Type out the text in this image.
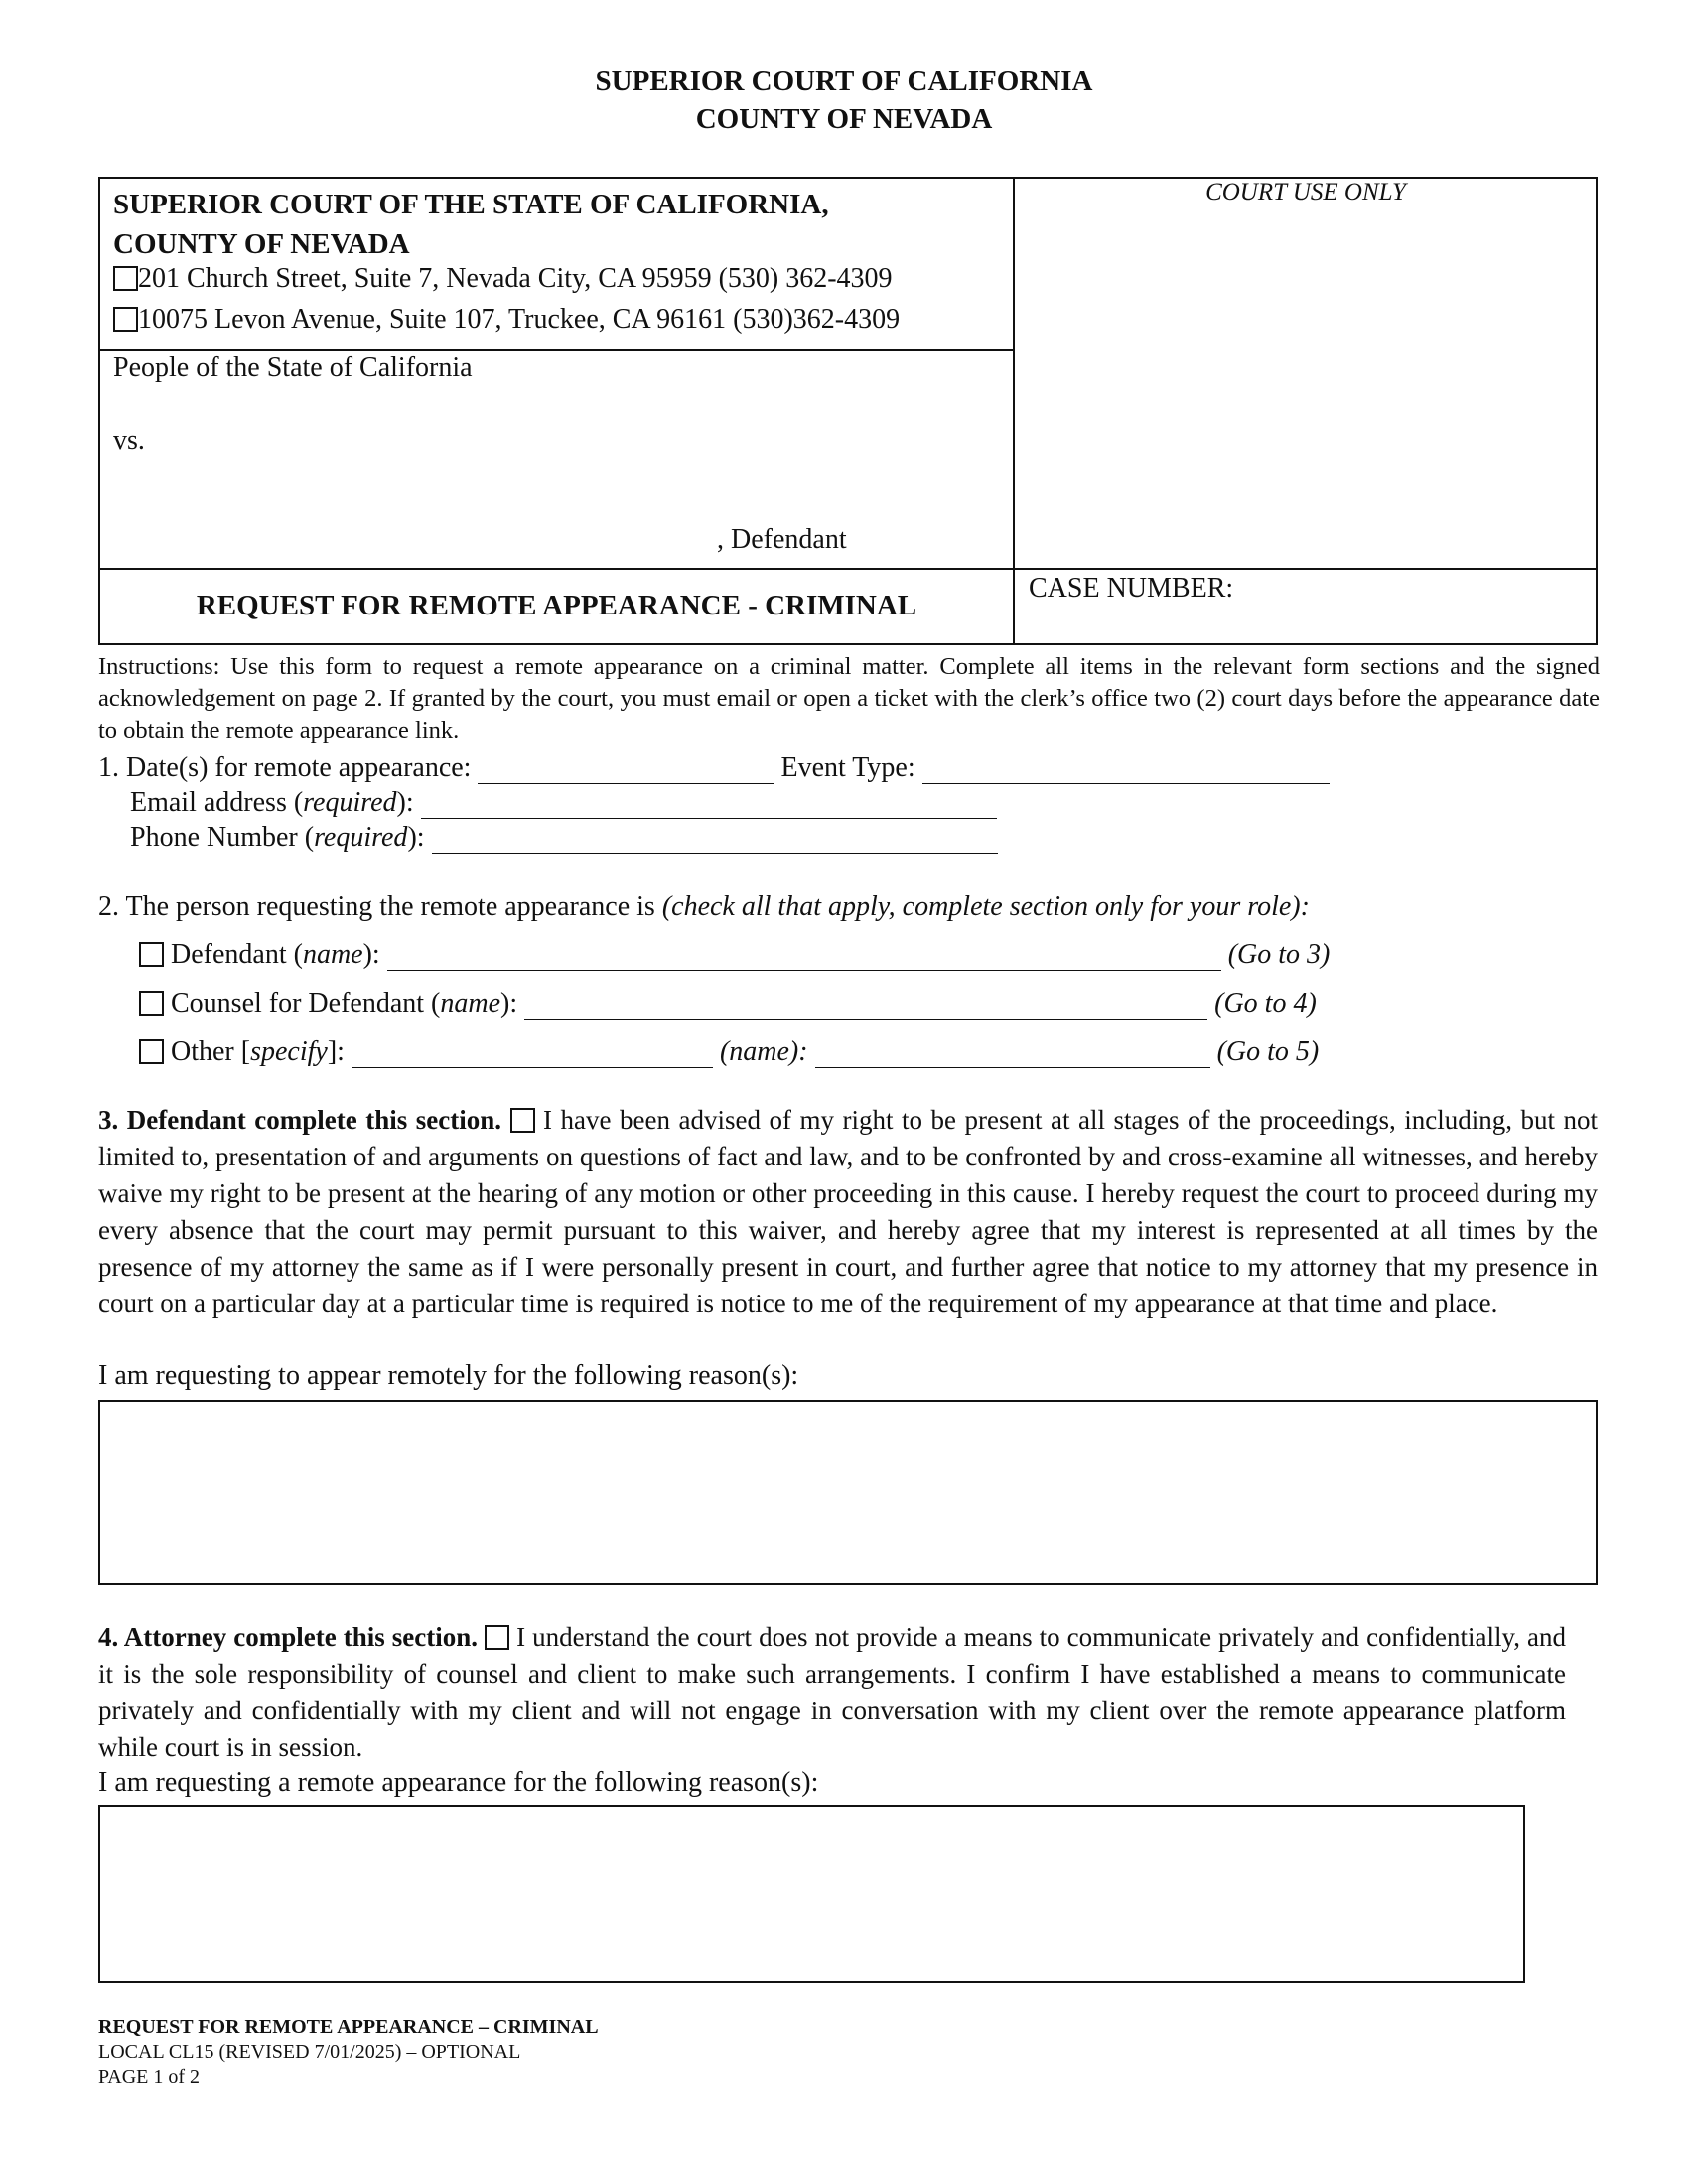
SUPERIOR COURT OF CALIFORNIA
COUNTY OF NEVADA
SUPERIOR COURT OF THE STATE OF CALIFORNIA,
COUNTY OF NEVADA
201 Church Street, Suite 7, Nevada City, CA 95959 (530) 362-4309
10075 Levon Avenue, Suite 107, Truckee, CA 96161 (530)362-4309
COURT USE ONLY
People of the State of California
vs.
, Defendant
REQUEST FOR REMOTE APPEARANCE - CRIMINAL
CASE NUMBER:
Instructions: Use this form to request a remote appearance on a criminal matter. Complete all items in the relevant form sections and the signed acknowledgement on page 2. If granted by the court, you must email or open a ticket with the clerk’s office two (2) court days before the appearance date to obtain the remote appearance link.
1. Date(s) for remote appearance:	Event Type:
Email address (required):
Phone Number (required):
2. The person requesting the remote appearance is (check all that apply, complete section only for your role):
Defendant (name):	(Go to 3)
Counsel for Defendant (name):	(Go to 4)
Other [specify]:	(name):	(Go to 5)
3. Defendant complete this section. I have been advised of my right to be present at all stages of the proceedings, including, but not limited to, presentation of and arguments on questions of fact and law, and to be confronted by and cross-examine all witnesses, and hereby waive my right to be present at the hearing of any motion or other proceeding in this cause. I hereby request the court to proceed during my every absence that the court may permit pursuant to this waiver, and hereby agree that my interest is represented at all times by the presence of my attorney the same as if I were personally present in court, and further agree that notice to my attorney that my presence in court on a particular day at a particular time is required is notice to me of the requirement of my appearance at that time and place.
I am requesting to appear remotely for the following reason(s):
4. Attorney complete this section. I understand the court does not provide a means to communicate privately and confidentially, and it is the sole responsibility of counsel and client to make such arrangements. I confirm I have established a means to communicate privately and confidentially with my client and will not engage in conversation with my client over the remote appearance platform while court is in session.
I am requesting a remote appearance for the following reason(s):
REQUEST FOR REMOTE APPEARANCE – CRIMINAL
LOCAL CL15 (REVISED 7/01/2025) – OPTIONAL
PAGE 1 of 2
